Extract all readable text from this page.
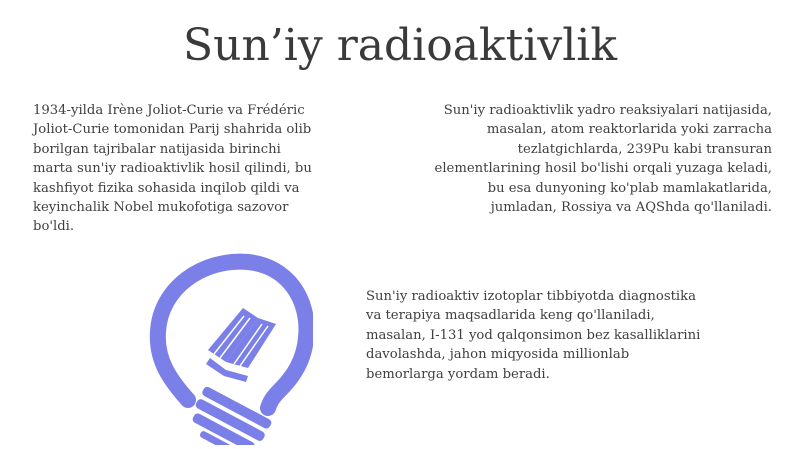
Sun’iy radioaktivlik

1934-yilda Irène Joliot-Curie va Frédéric
Joliot-Curie tomonidan Parij shahrida olib
borilgan tajribalar natijasida birinchi
marta sun'iy radioaktivlik hosil qilindi, bu
kashfiyot fizika sohasida inqilob qildi va
keyinchalik Nobel mukofotiga sazovor
bo'ldi.

Sun'iy radioaktivlik yadro reaksiyalari natijasida,
masalan, atom reaktorlarida yoki zarracha
tezlatgichlarda, 239Pu kabi transuran
elementlarining hosil bo'lishi orqali yuzaga keladi,
bu esa dunyoning ko'plab mamlakatlarida,
jumladan, Rossiya va AQShda qo'llaniladi.

Sun'iy radioaktiv izotoplar tibbiyotda diagnostika
va terapiya maqsadlarida keng qo'llaniladi,
masalan, I-131 yod qalqonsimon bez kasalliklarini
davolashda, jahon miqyosida millionlab
bemorlarga yordam beradi.
